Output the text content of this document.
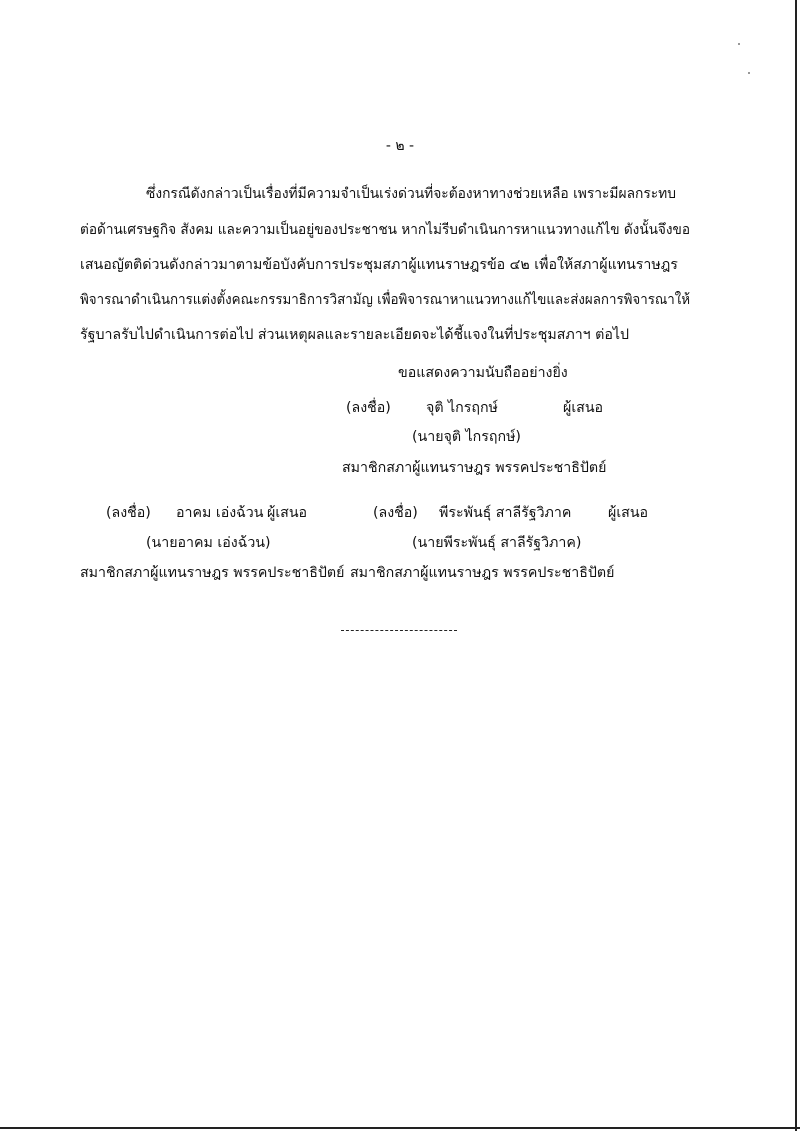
- ๒ -
ซึ่งกรณีดังกล่าวเป็นเรื่องที่มีความจำเป็นเร่งด่วนที่จะต้องหาทางช่วยเหลือ เพราะมีผลกระทบ
ต่อด้านเศรษฐกิจ สังคม และความเป็นอยู่ของประชาชน หากไม่รีบดำเนินการหาแนวทางแก้ไข ดังนั้นจึงขอ
เสนอญัตติด่วนดังกล่าวมาตามข้อบังคับการประชุมสภาผู้แทนราษฎรข้อ ๔๒ เพื่อให้สภาผู้แทนราษฎร
พิจารณาดำเนินการแต่งตั้งคณะกรรมาธิการวิสามัญ เพื่อพิจารณาหาแนวทางแก้ไขและส่งผลการพิจารณาให้
รัฐบาลรับไปดำเนินการต่อไป ส่วนเหตุผลและรายละเอียดจะได้ชี้แจงในที่ประชุมสภาฯ ต่อไป
ขอแสดงความนับถืออย่างยิ่ง
(ลงชื่อ) จุติ ไกรฤกษ์	ผู้เสนอ
(นายจุติ ไกรฤกษ์)
สมาชิกสภาผู้แทนราษฎร พรรคประชาธิปัตย์
(ลงชื่อ) อาคม เอ่งฉ้วน ผู้เสนอ
(นายอาคม เอ่งฉ้วน)
สมาชิกสภาผู้แทนราษฎร พรรคประชาธิปัตย์
(ลงชื่อ) พีระพันธุ์ สาลีรัฐวิภาค	ผู้เสนอ
(นายพีระพันธุ์ สาลีรัฐวิภาค)
สมาชิกสภาผู้แทนราษฎร พรรคประชาธิปัตย์
